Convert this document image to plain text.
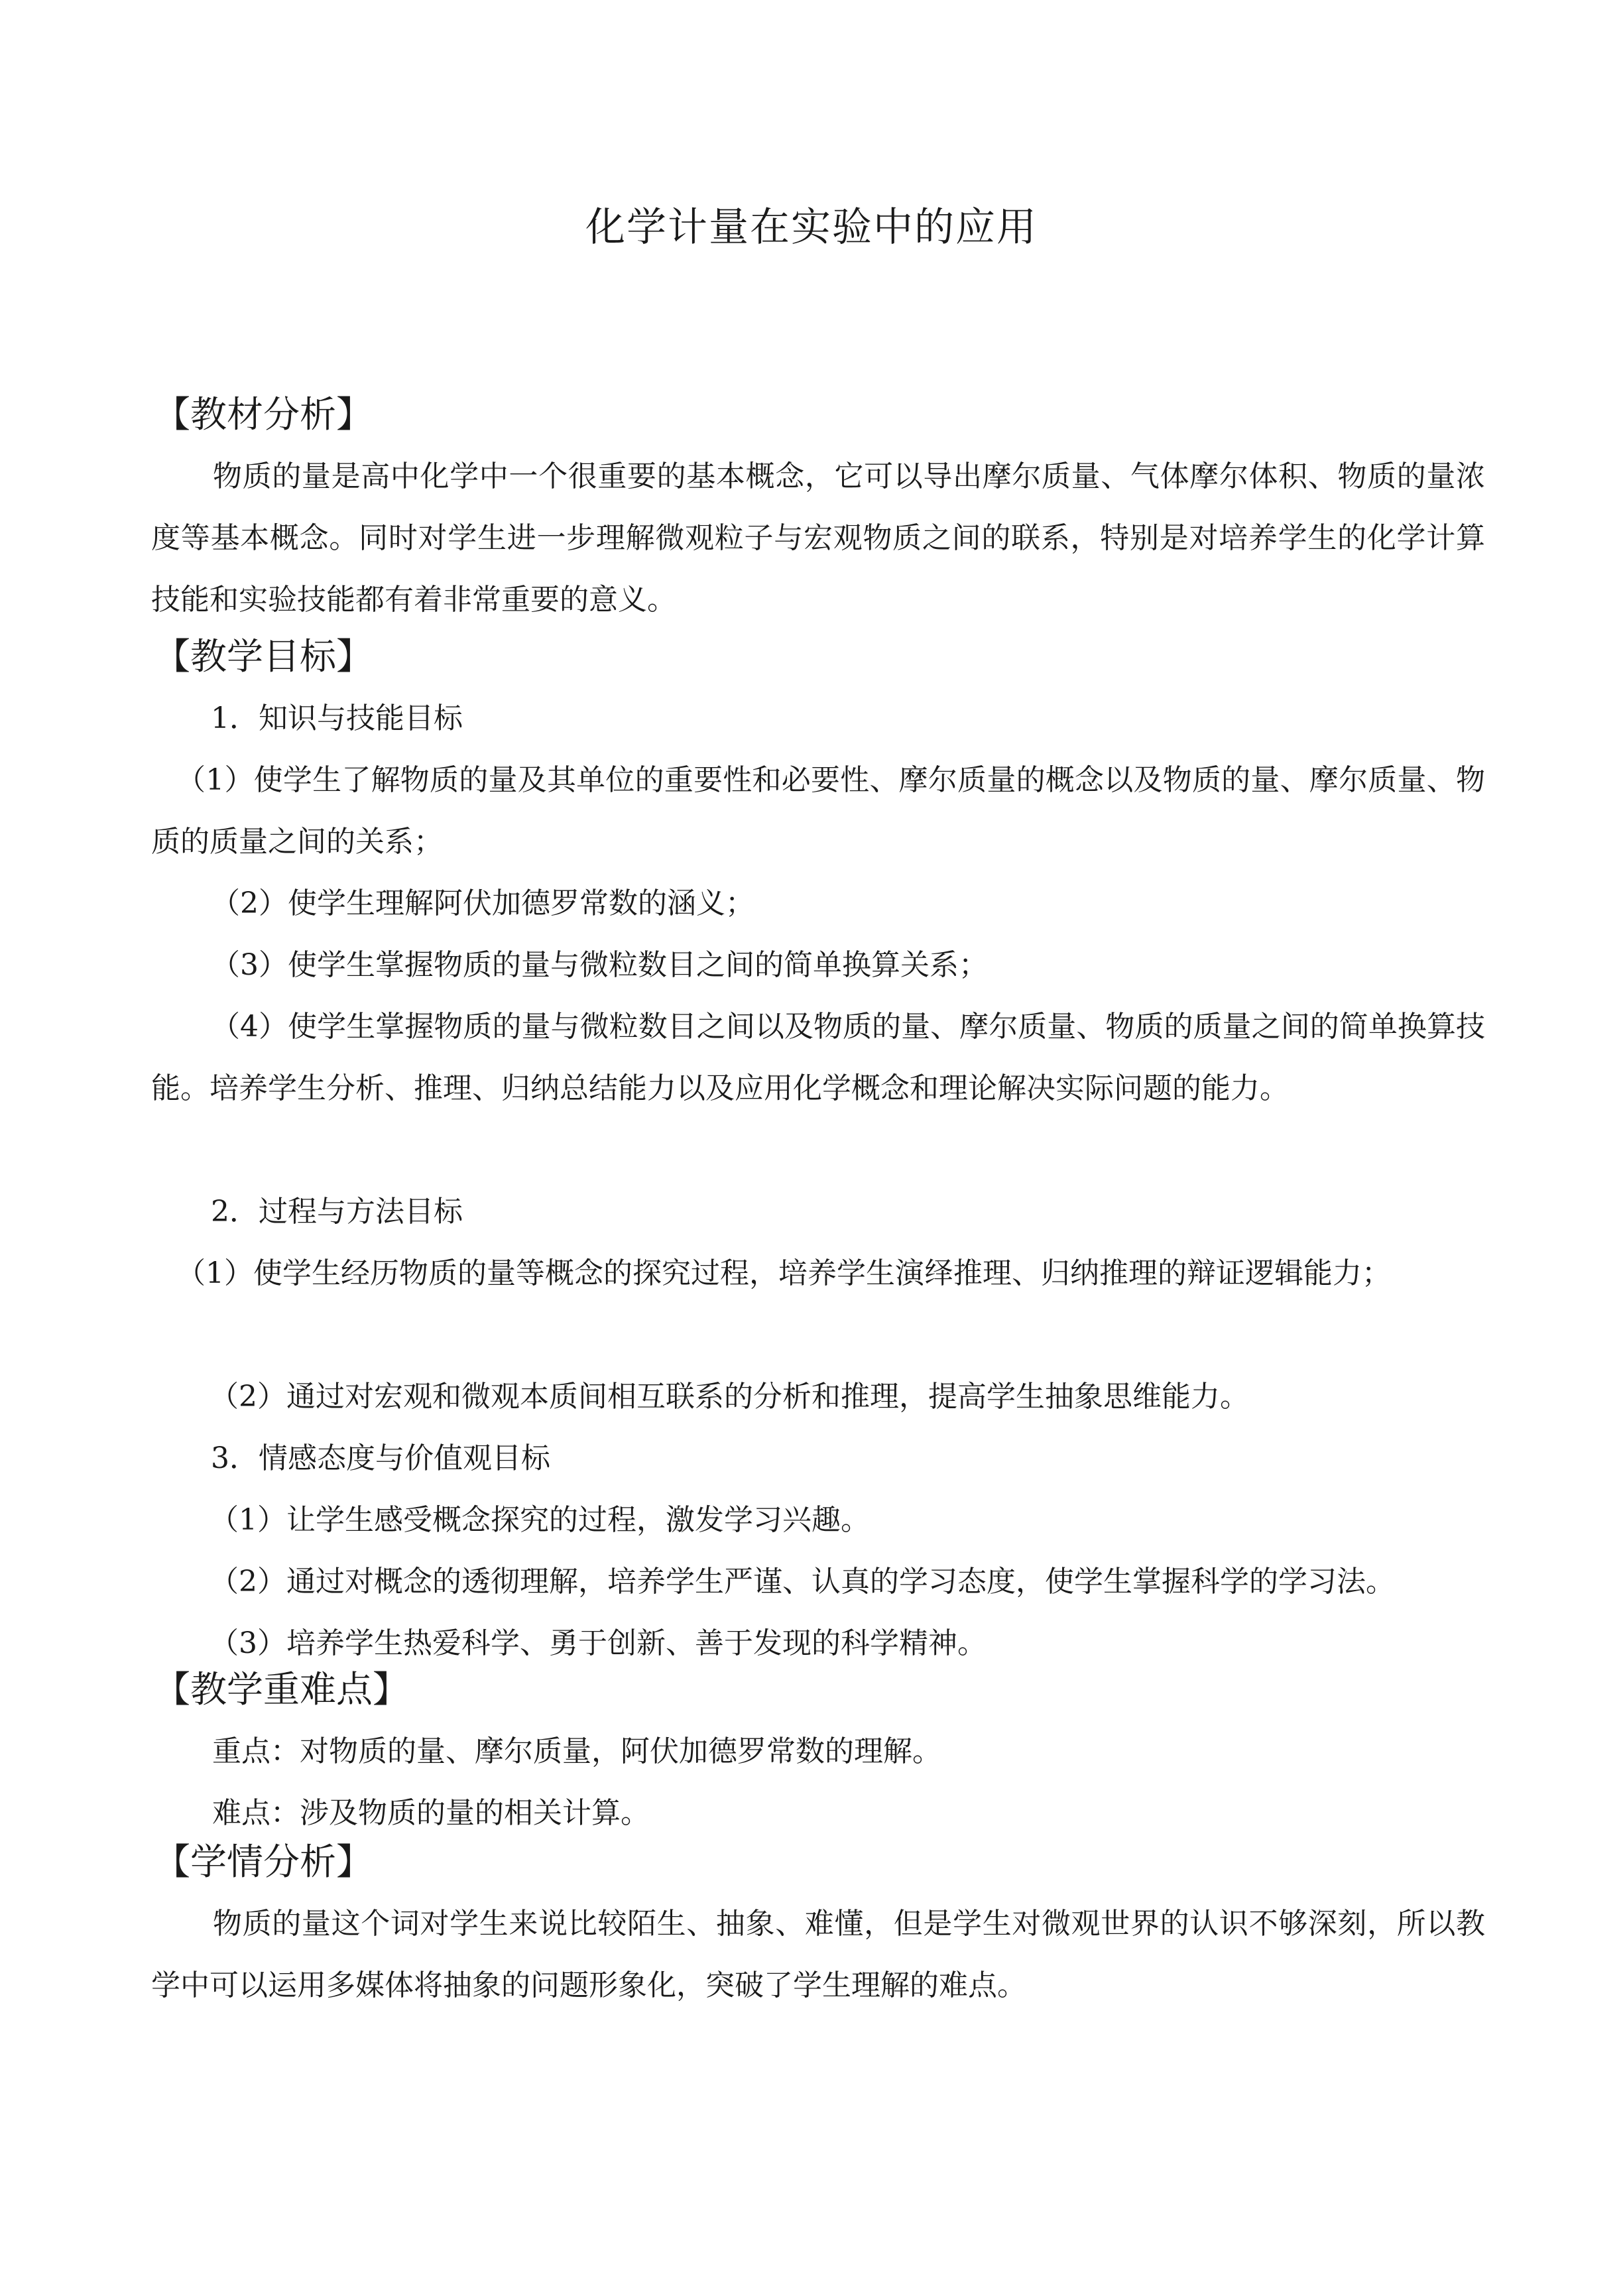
化学计量在实验中的应用
【教材分析】

物质的量是高中化学中一个很重要的基本概念，它可以导出摩尔质量、气体摩尔体积、物质的量浓度等基本概念。同时对学生进一步理解微观粒子与宏观物质之间的联系，特别是对培养学生的化学计算技能和实验技能都有着非常重要的意义。

【教学目标】

1．知识与技能目标

（1）使学生了解物质的量及其单位的重要性和必要性、摩尔质量的概念以及物质的量、摩尔质量、物质的质量之间的关系；

（2）使学生理解阿伏加德罗常数的涵义；

（3）使学生掌握物质的量与微粒数目之间的简单换算关系；

（4）使学生掌握物质的量与微粒数目之间以及物质的量、摩尔质量、物质的质量之间的简单换算技能。培养学生分析、推理、归纳总结能力以及应用化学概念和理论解决实际问题的能力。

2．过程与方法目标

（1）使学生经历物质的量等概念的探究过程，培养学生演绎推理、归纳推理的辩证逻辑能力；

（2）通过对宏观和微观本质间相互联系的分析和推理，提高学生抽象思维能力。

3．情感态度与价值观目标

（1）让学生感受概念探究的过程，激发学习兴趣。

（2）通过对概念的透彻理解，培养学生严谨、认真的学习态度，使学生掌握科学的学习法。

（3）培养学生热爱科学、勇于创新、善于发现的科学精神。

【教学重难点】

重点：对物质的量、摩尔质量，阿伏加德罗常数的理解。

难点：涉及物质的量的相关计算。

【学情分析】

物质的量这个词对学生来说比较陌生、抽象、难懂，但是学生对微观世界的认识不够深刻，所以教学中可以运用多媒体将抽象的问题形象化，突破了学生理解的难点。
